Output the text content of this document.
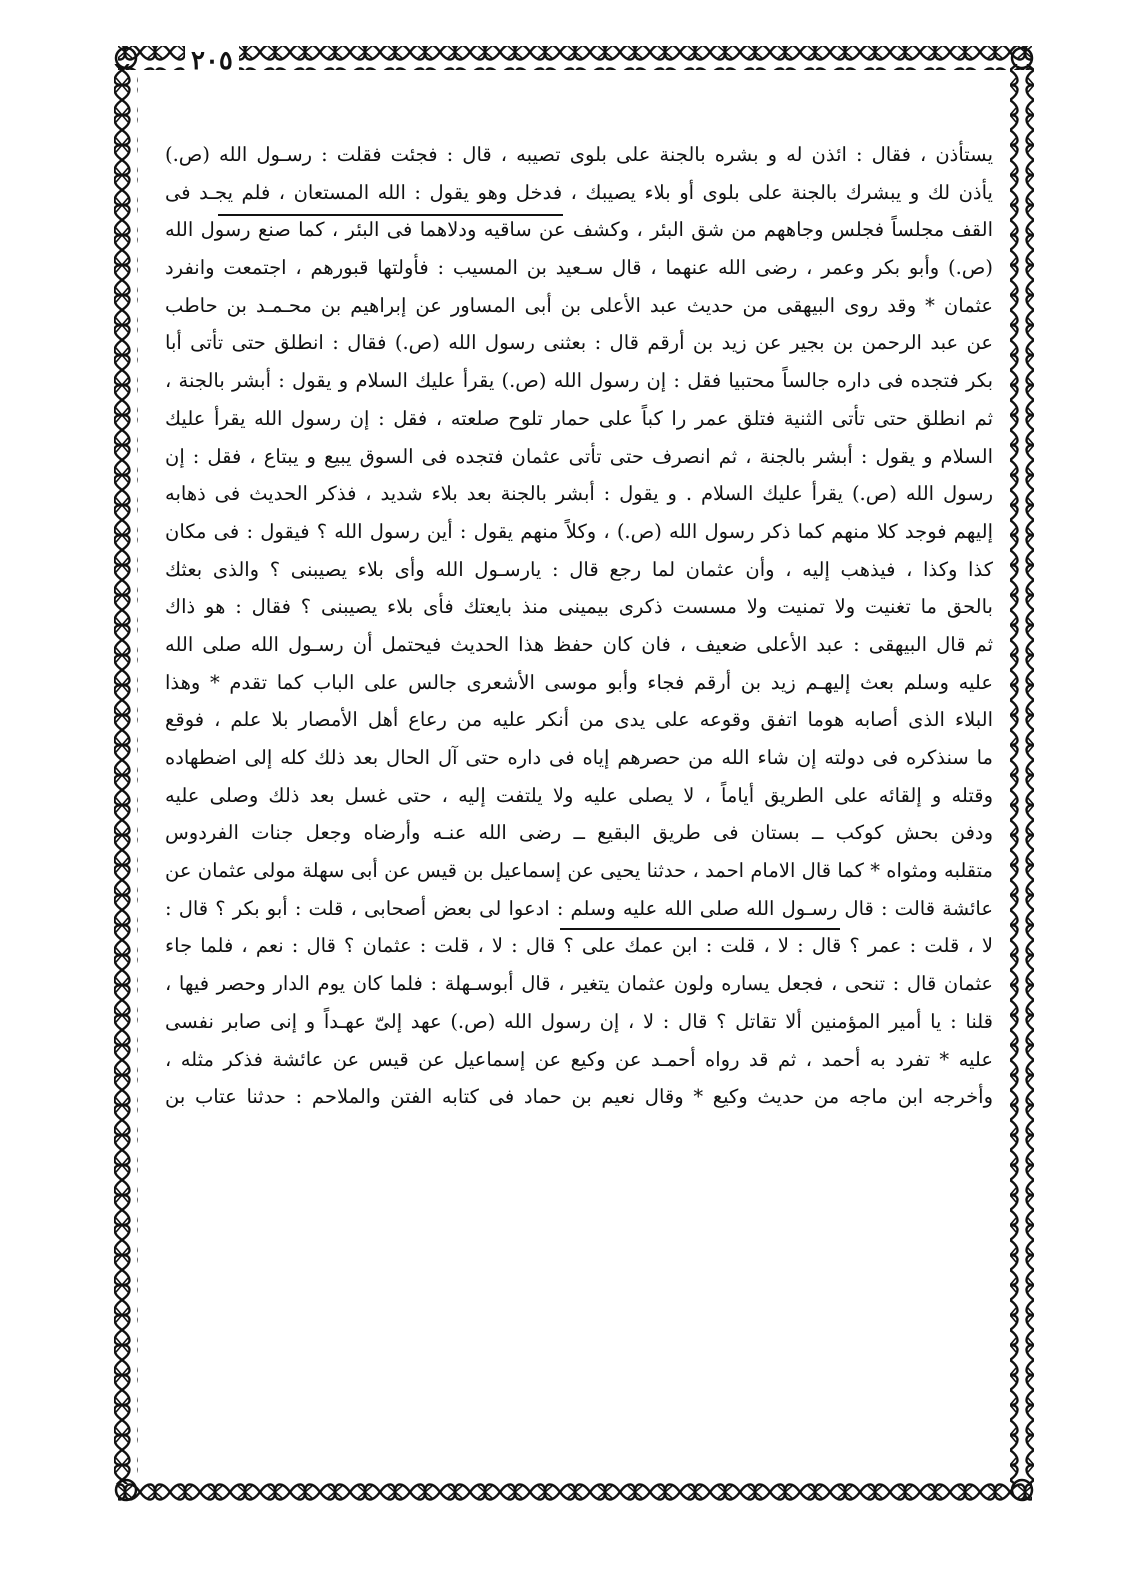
٢٠٥
يستأذن ، فقال : ائذن له و بشره بالجنة على بلوى تصيبه ، قال : فجئت فقلت : رسـول الله (ص.)
يأذن لك و يبشرك بالجنة على بلوى أو بلاء يصيبك ، فدخل وهو يقول : الله المستعان ، فلم يجـد فى
القف مجلساً فجلس وجاههم من شق البئر ، وكشف عن ساقيه ودلاهما فى البئر ، كما صنع رسول الله
(ص.) وأبو بكر وعمر ، رضى الله عنهما ، قال سـعيد بن المسيب : فأولتها قبورهم ، اجتمعت وانفرد
عثمان * وقد روى البيهقى من حديث عبد الأعلى بن أبى المساور عن إبراهيم بن محـمـد بن حاطب
عن عبد الرحمن بن بجير عن زيد بن أرقم قال : بعثنى رسول الله (ص.) فقال : انطلق حتى تأتى أبا
بكر فتجده فى داره جالساً محتبيا فقل : إن رسول الله (ص.) يقرأ عليك السلام و يقول : أبشر بالجنة ،
ثم انطلق حتى تأتى الثنية فتلق عمر را كباً على حمار تلوح صلعته ، فقل : إن رسول الله يقرأ عليك
السلام و يقول : أبشر بالجنة ، ثم انصرف حتى تأتى عثمان فتجده فى السوق يبيع و يبتاع ، فقل : إن
رسول الله (ص.) يقرأ عليك السلام . و يقول : أبشر بالجنة بعد بلاء شديد ، فذكر الحديث فى ذهابه
إليهم فوجد كلا منهم كما ذكر رسول الله (ص.) ، وكلاً منهم يقول : أين رسول الله ؟ فيقول : فى مكان
كذا وكذا ، فيذهب إليه ، وأن عثمان لما رجع قال : يارسـول الله وأى بلاء يصيبنى ؟ والذى بعثك
بالحق ما تغنيت ولا تمنيت ولا مسست ذكرى بيمينى منذ بايعتك فأى بلاء يصيبنى ؟ فقال : هو ذاك
ثم قال البيهقى : عبد الأعلى ضعيف ، فان كان حفظ هذا الحديث فيحتمل أن رسـول الله صلى الله
عليه وسلم بعث إليهـم زيد بن أرقم فجاء وأبو موسى الأشعرى جالس على الباب كما تقدم * وهذا
البلاء الذى أصابه هوما اتفق وقوعه على يدى من أنكر عليه من رعاع أهل الأمصار بلا علم ، فوقع
ما سنذكره فى دولته إن شاء الله من حصرهم إياه فى داره حتى آل الحال بعد ذلك كله إلى اضطهاده
وقتله و إلقائه على الطريق أياماً ، لا يصلى عليه ولا يلتفت إليه ، حتى غسل بعد ذلك وصلى عليه
ودفن بحش كوكب ــ بستان فى طريق البقيع ــ رضى الله عنـه وأرضاه وجعل جنات الفردوس
متقلبه ومثواه * كما قال الامام احمد ، حدثنا يحيى عن إسماعيل بن قيس عن أبى سهلة مولى عثمان عن
عائشة قالت : قال رسـول الله صلى الله عليه وسلم : ادعوا لى بعض أصحابى ، قلت : أبو بكر ؟ قال :
لا ، قلت : عمر ؟ قال : لا ، قلت : ابن عمك على ؟ قال : لا ، قلت : عثمان ؟ قال : نعم ، فلما جاء
عثمان قال : تنحى ، فجعل يساره ولون عثمان يتغير ، قال أبوسـهلة : فلما كان يوم الدار وحصر فيها ،
قلنا : يا أمير المؤمنين ألا تقاتل ؟ قال : لا ، إن رسول الله (ص.) عهد إلىّ عهـداً و إنى صابر نفسى
عليه * تفرد به أحمد ، ثم قد رواه أحمـد عن وكيع عن إسماعيل عن قيس عن عائشة فذكر مثله ،
وأخرجه ابن ماجه من حديث وكيع * وقال نعيم بن حماد فى كتابه الفتن والملاحم : حدثنا عتاب بن
